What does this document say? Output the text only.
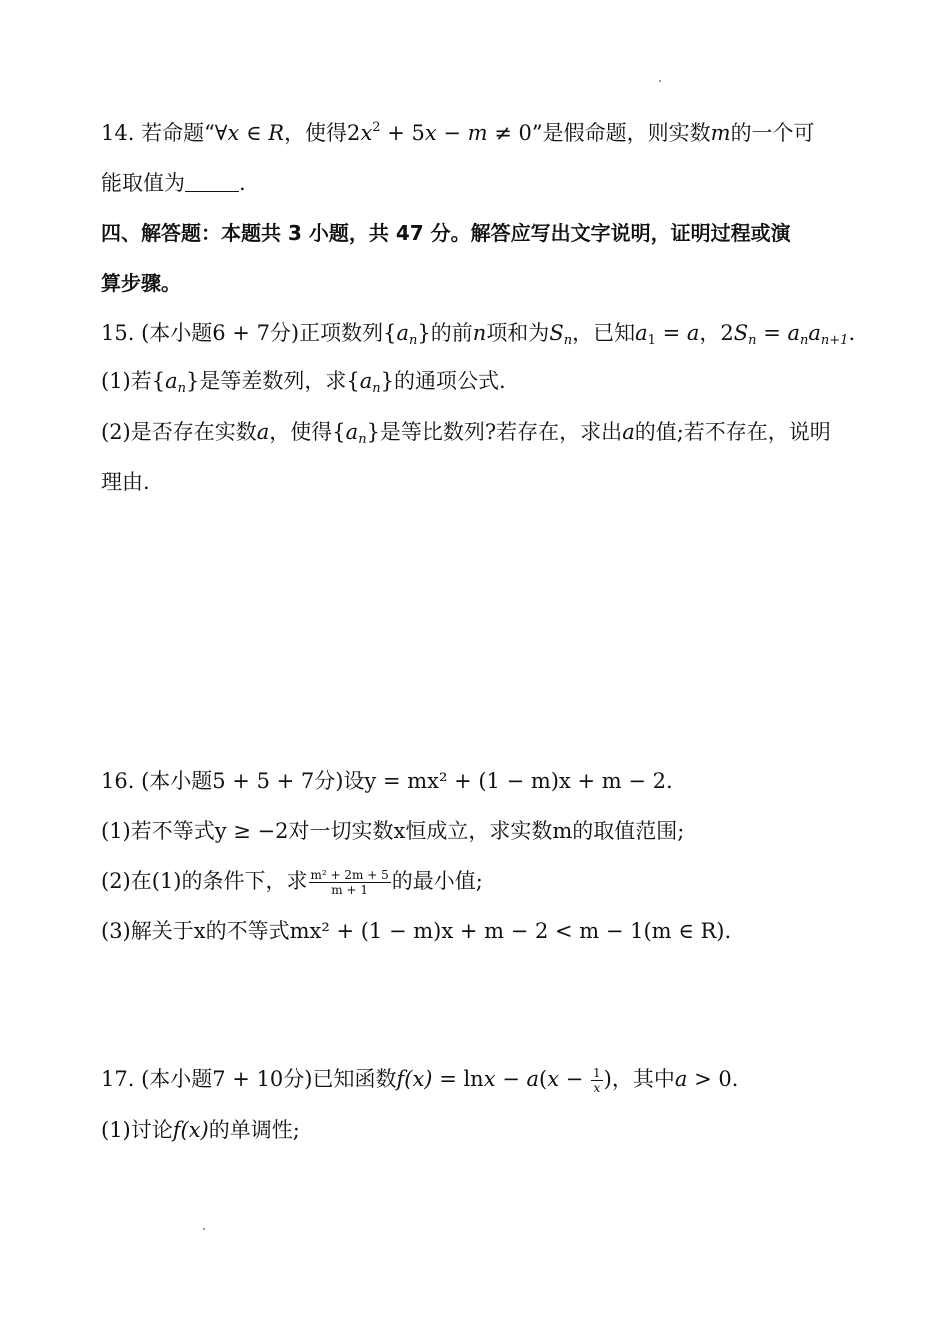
14. 若命题“∀x ∈ R，使得$2x^2 + 5x - m \ne 0$”是假命题，则实数m的一个可
能取值为	.
四、解答题：本题共 3 小题，共 47 分。解答应写出文字说明，证明过程或演
算步骤。
15. (本小题6 + 7分)正项数列$\{a_n\}$的前n项和为$S_n$，已知$a_1 = a$，$2S_n = a_na_{n+1}$.
(1)若$\{a_n\}$是等差数列，求$\{a_n\}$的通项公式.
(2)是否存在实数a，使得$\{a_n\}$是等比数列?若存在，求出a的值;若不存在，说明
理由.
16. (本小题5 + 5 + 7分)设y = mx² + (1 − m)x + m − 2.
(1)若不等式y ≥ −2对一切实数x恒成立，求实数m的取值范围;
(2)在(1)的条件下，求 $\frac{\text{m² + 2m + 5}}{m + 1}$ 的最小值;
(3)解关于x的不等式mx² + (1 − m)x + m − 2 < m − 1(m ∈ R).
17. (本小题7 + 10分)已知函数$f(x) = \ln x - a(x - \frac{1}{x}$ )，其中a > 0.
(1)讨论f(x)的单调性;
